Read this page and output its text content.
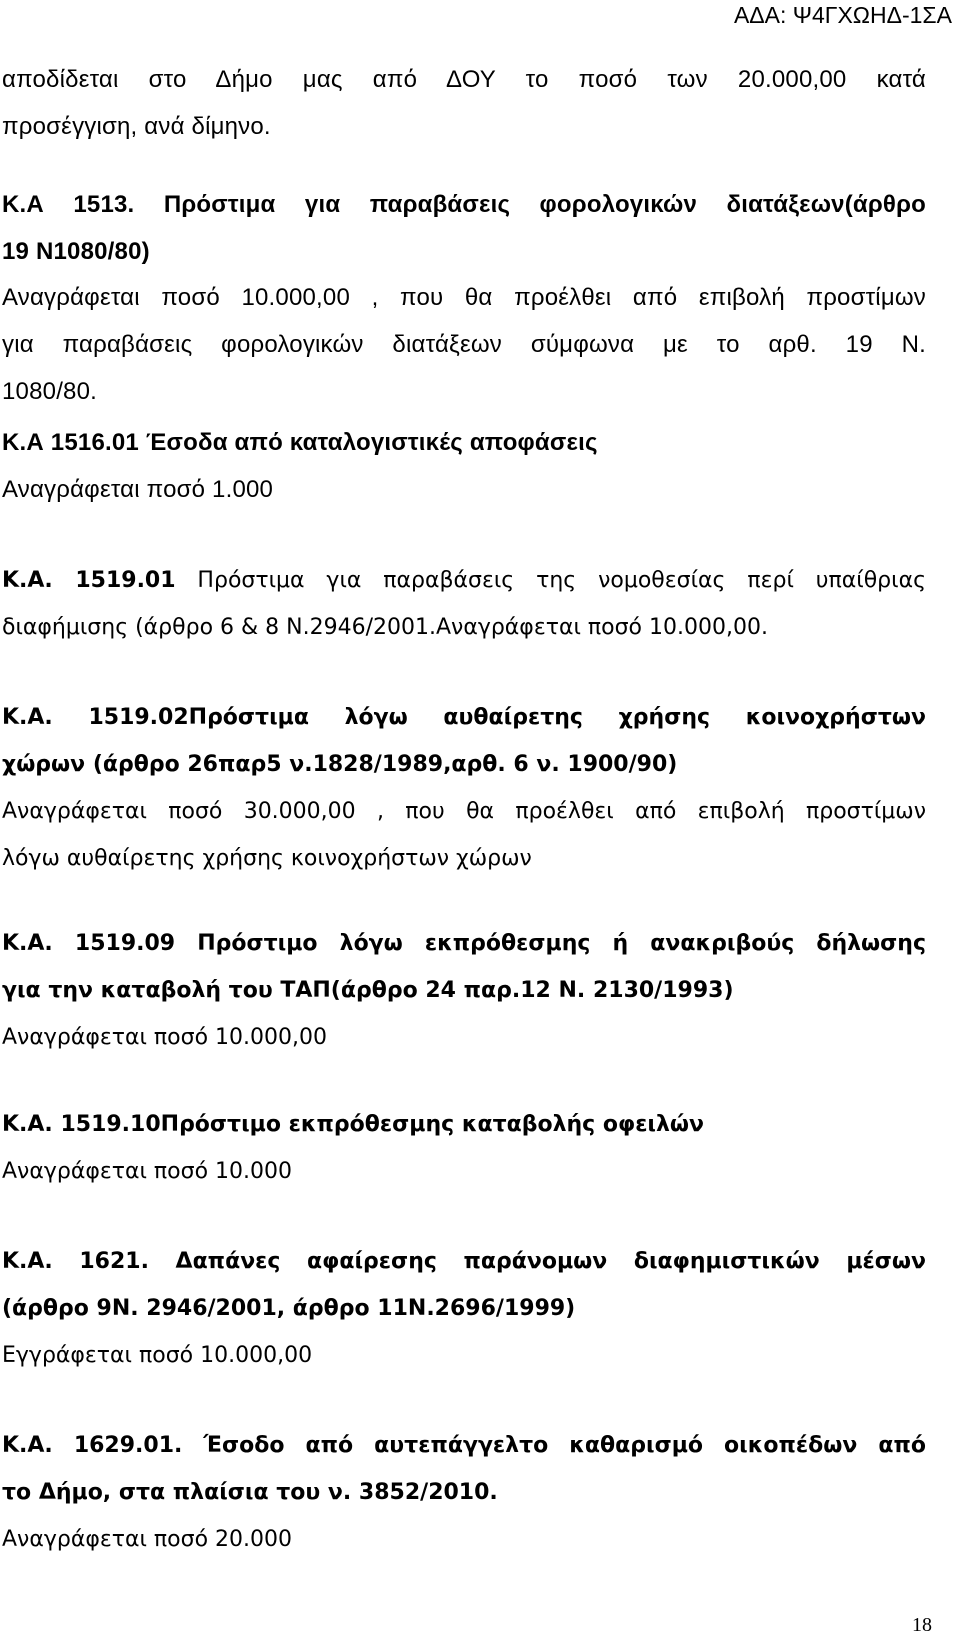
ΑΔΑ: Ψ4ΓΧΩΗΔ-1ΣΑ
αποδίδεται στο Δήμο μας από ΔΟΥ το ποσό των 20.000,00 κατά
προσέγγιση, ανά δίμηνο.
Κ.Α 1513. Πρόστιμα για παραβάσεις φορολογικών διατάξεων(άρθρο
19 Ν1080/80)
Αναγράφεται ποσό 10.000,00 , που θα προέλθει από επιβολή προστίμων
για παραβάσεις φορολογικών διατάξεων σύμφωνα με το αρθ. 19 Ν.
1080/80.
Κ.Α 1516.01 Έσοδα από καταλογιστικές αποφάσεις
Αναγράφεται ποσό 1.000
Κ.Α. 1519.01 Πρόστιμα για παραβάσεις της νομοθεσίας περί υπαίθριας
διαφήμισης (άρθρο 6 & 8 Ν.2946/2001.Αναγράφεται ποσό 10.000,00.
Κ.Α. 1519.02Πρόστιμα λόγω αυθαίρετης χρήσης κοινοχρήστων
χώρων (άρθρο 26παρ5 ν.1828/1989,αρθ. 6 ν. 1900/90)
Αναγράφεται ποσό 30.000,00 , που θα προέλθει από επιβολή προστίμων
λόγω αυθαίρετης χρήσης κοινοχρήστων χώρων
Κ.Α. 1519.09 Πρόστιμο λόγω εκπρόθεσμης ή ανακριβούς δήλωσης
για την καταβολή του ΤΑΠ(άρθρο 24 παρ.12 Ν. 2130/1993)
Αναγράφεται ποσό 10.000,00
Κ.Α. 1519.10Πρόστιμο εκπρόθεσμης καταβολής οφειλών
Αναγράφεται ποσό 10.000
Κ.Α. 1621. Δαπάνες αφαίρεσης παράνομων διαφημιστικών μέσων
(άρθρο 9Ν. 2946/2001, άρθρο 11Ν.2696/1999)
Εγγράφεται ποσό 10.000,00
Κ.Α. 1629.01. Έσοδο από αυτεπάγγελτο καθαρισμό οικοπέδων από
το Δήμο, στα πλαίσια του ν. 3852/2010.
Αναγράφεται ποσό 20.000
18
